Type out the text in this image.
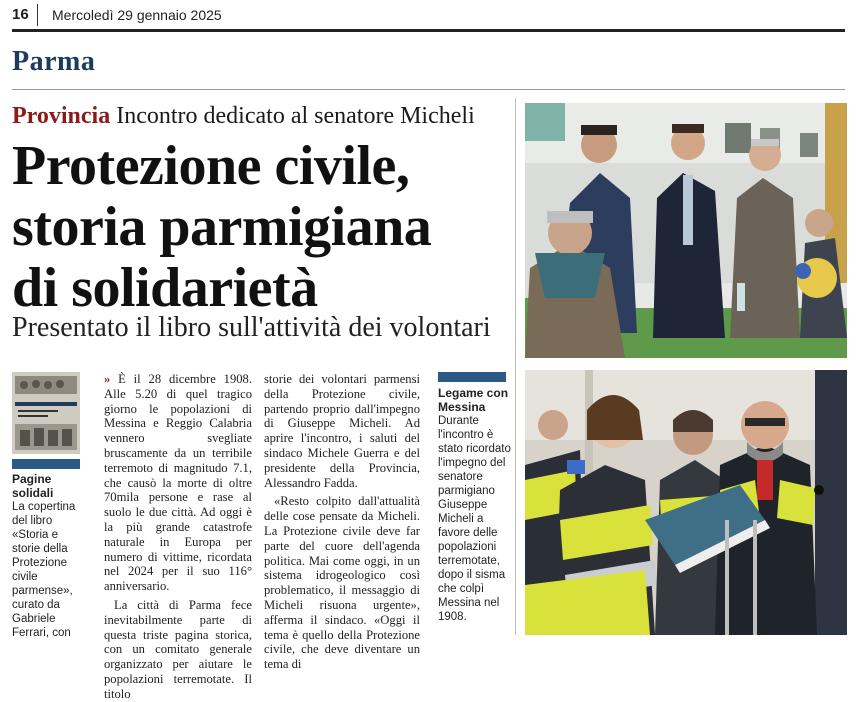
16 Mercoledì 29 gennaio 2025
Parma
Provincia Incontro dedicato al senatore Micheli
Protezione civile,
storia parmigiana
di solidarietà
Presentato il libro sull'attività dei volontari
Pagine solidali
La copertina del libro «Storia e storie della Protezione civile parmense», curato da Gabriele Ferrari, con

» È il 28 dicembre 1908. Alle 5.20 di quel tragico giorno le popolazioni di Messina e Reggio Calabria vennero svegliate bruscamente da un terribile terremoto di magnitudo 7.1, che causò la morte di oltre 70mila persone e rase al suolo le due città. Ad oggi è la più grande catastrofe naturale in Europa per numero di vittime, ricordata nel 2024 per il suo 116° anniversario.

La città di Parma fece inevitabilmente parte di questa triste pagina storica, con un comitato generale organizzato per aiutare le popolazioni terremotate. Il titolo

storie dei volontari parmensi della Protezione civile, partendo proprio dall'impegno di Giuseppe Micheli. Ad aprire l'incontro, i saluti del sindaco Michele Guerra e del presidente della Provincia, Alessandro Fadda.

«Resto colpito dall'attualità delle cose pensate da Micheli. La Protezione civile deve far parte del cuore dell'agenda politica. Mai come oggi, in un sistema idrogeologico così problematico, il messaggio di Micheli risuona urgente», afferma il sindaco. «Oggi il tema è quello della Protezione civile, che deve diventare un tema di

Legame con Messina
Durante l'incontro è stato ricordato l'impegno del senatore parmigiano Giuseppe Micheli a favore delle popolazioni terremotate, dopo il sisma che colpì Messina nel 1908.
